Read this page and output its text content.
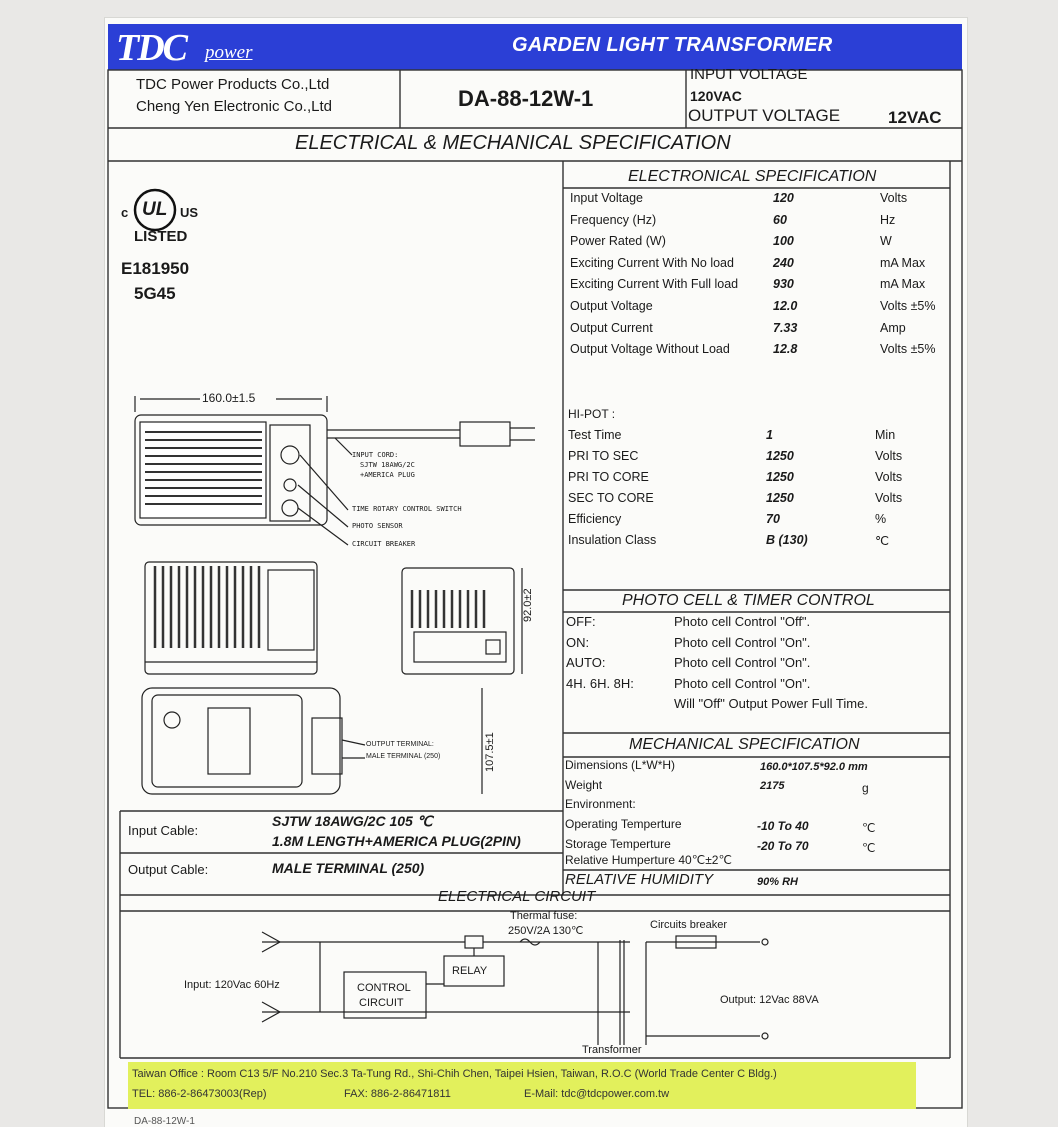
TDC power	GARDEN LIGHT TRANSFORMER
TDC Power Products Co.,Ltd
Cheng Yen Electronic Co.,Ltd	DA-88-12W-1
INPUT VOLTAGE
120VAC
OUTPUT VOLTAGE	12VAC
ELECTRICAL & MECHANICAL SPECIFICATION
c UL US
LISTED
E181950
5G45
ELECTRONICAL SPECIFICATION
Input Voltage	120	Volts
Frequency (Hz)	60	Hz
Power Rated (W)	100	W
Exciting Current With No load	240	mA Max
Exciting Current With Full load	930	mA Max
Output Voltage	12.0	Volts ±5%
Output Current	7.33	Amp
Output Voltage Without Load	12.8	Volts ±5%
HI-POT :
Test Time	1	Min
PRI TO SEC	1250	Volts
PRI TO CORE	1250	Volts
SEC TO CORE	1250	Volts
Efficiency	70	%
Insulation Class	B (130)	℃
PHOTO CELL & TIMER CONTROL
OFF:	Photo cell Control "Off".
ON:	Photo cell Control "On".
AUTO:	Photo cell Control "On".
4H. 6H. 8H:	Photo cell Control "On".
Will "Off" Output Power Full Time.
MECHANICAL SPECIFICATION
Dimensions (L*W*H)	160.0*107.5*92.0 mm
Weight	2175	g
Environment:
Operating Temperture	-10 To 40	℃
Storage Temperture	-20 To 70	℃
Relative Humperture 40℃±2℃
RELATIVE HUMIDITY	90% RH
160.0±1.5
INPUT CORD:
SJTW 18AWG/2C
+AMERICA PLUG
TIME ROTARY CONTROL SWITCH
PHOTO SENSOR
CIRCUIT BREAKER
92.0±2
107.5±1
OUTPUT TERMINAL:
MALE TERMINAL (250)
Input Cable:
SJTW 18AWG/2C 105 ℃
1.8M LENGTH+AMERICA PLUG(2PIN)
Output Cable:	MALE TERMINAL (250)
ELECTRICAL CIRCUIT
Thermal fuse:
250V/2A 130℃	Circuits breaker
RELAY
CONTROL
CIRCUIT
Input: 120Vac 60Hz
Output: 12Vac 88VA
Transformer
Taiwan Office : Room C13 5/F No.210 Sec.3 Ta-Tung Rd., Shi-Chih Chen, Taipei Hsien, Taiwan, R.O.C (World Trade Center C Bldg.)
TEL: 886-2-86473003(Rep)	FAX: 886-2-86471811	E-Mail: tdc@tdcpower.com.tw
DA-88-12W-1
